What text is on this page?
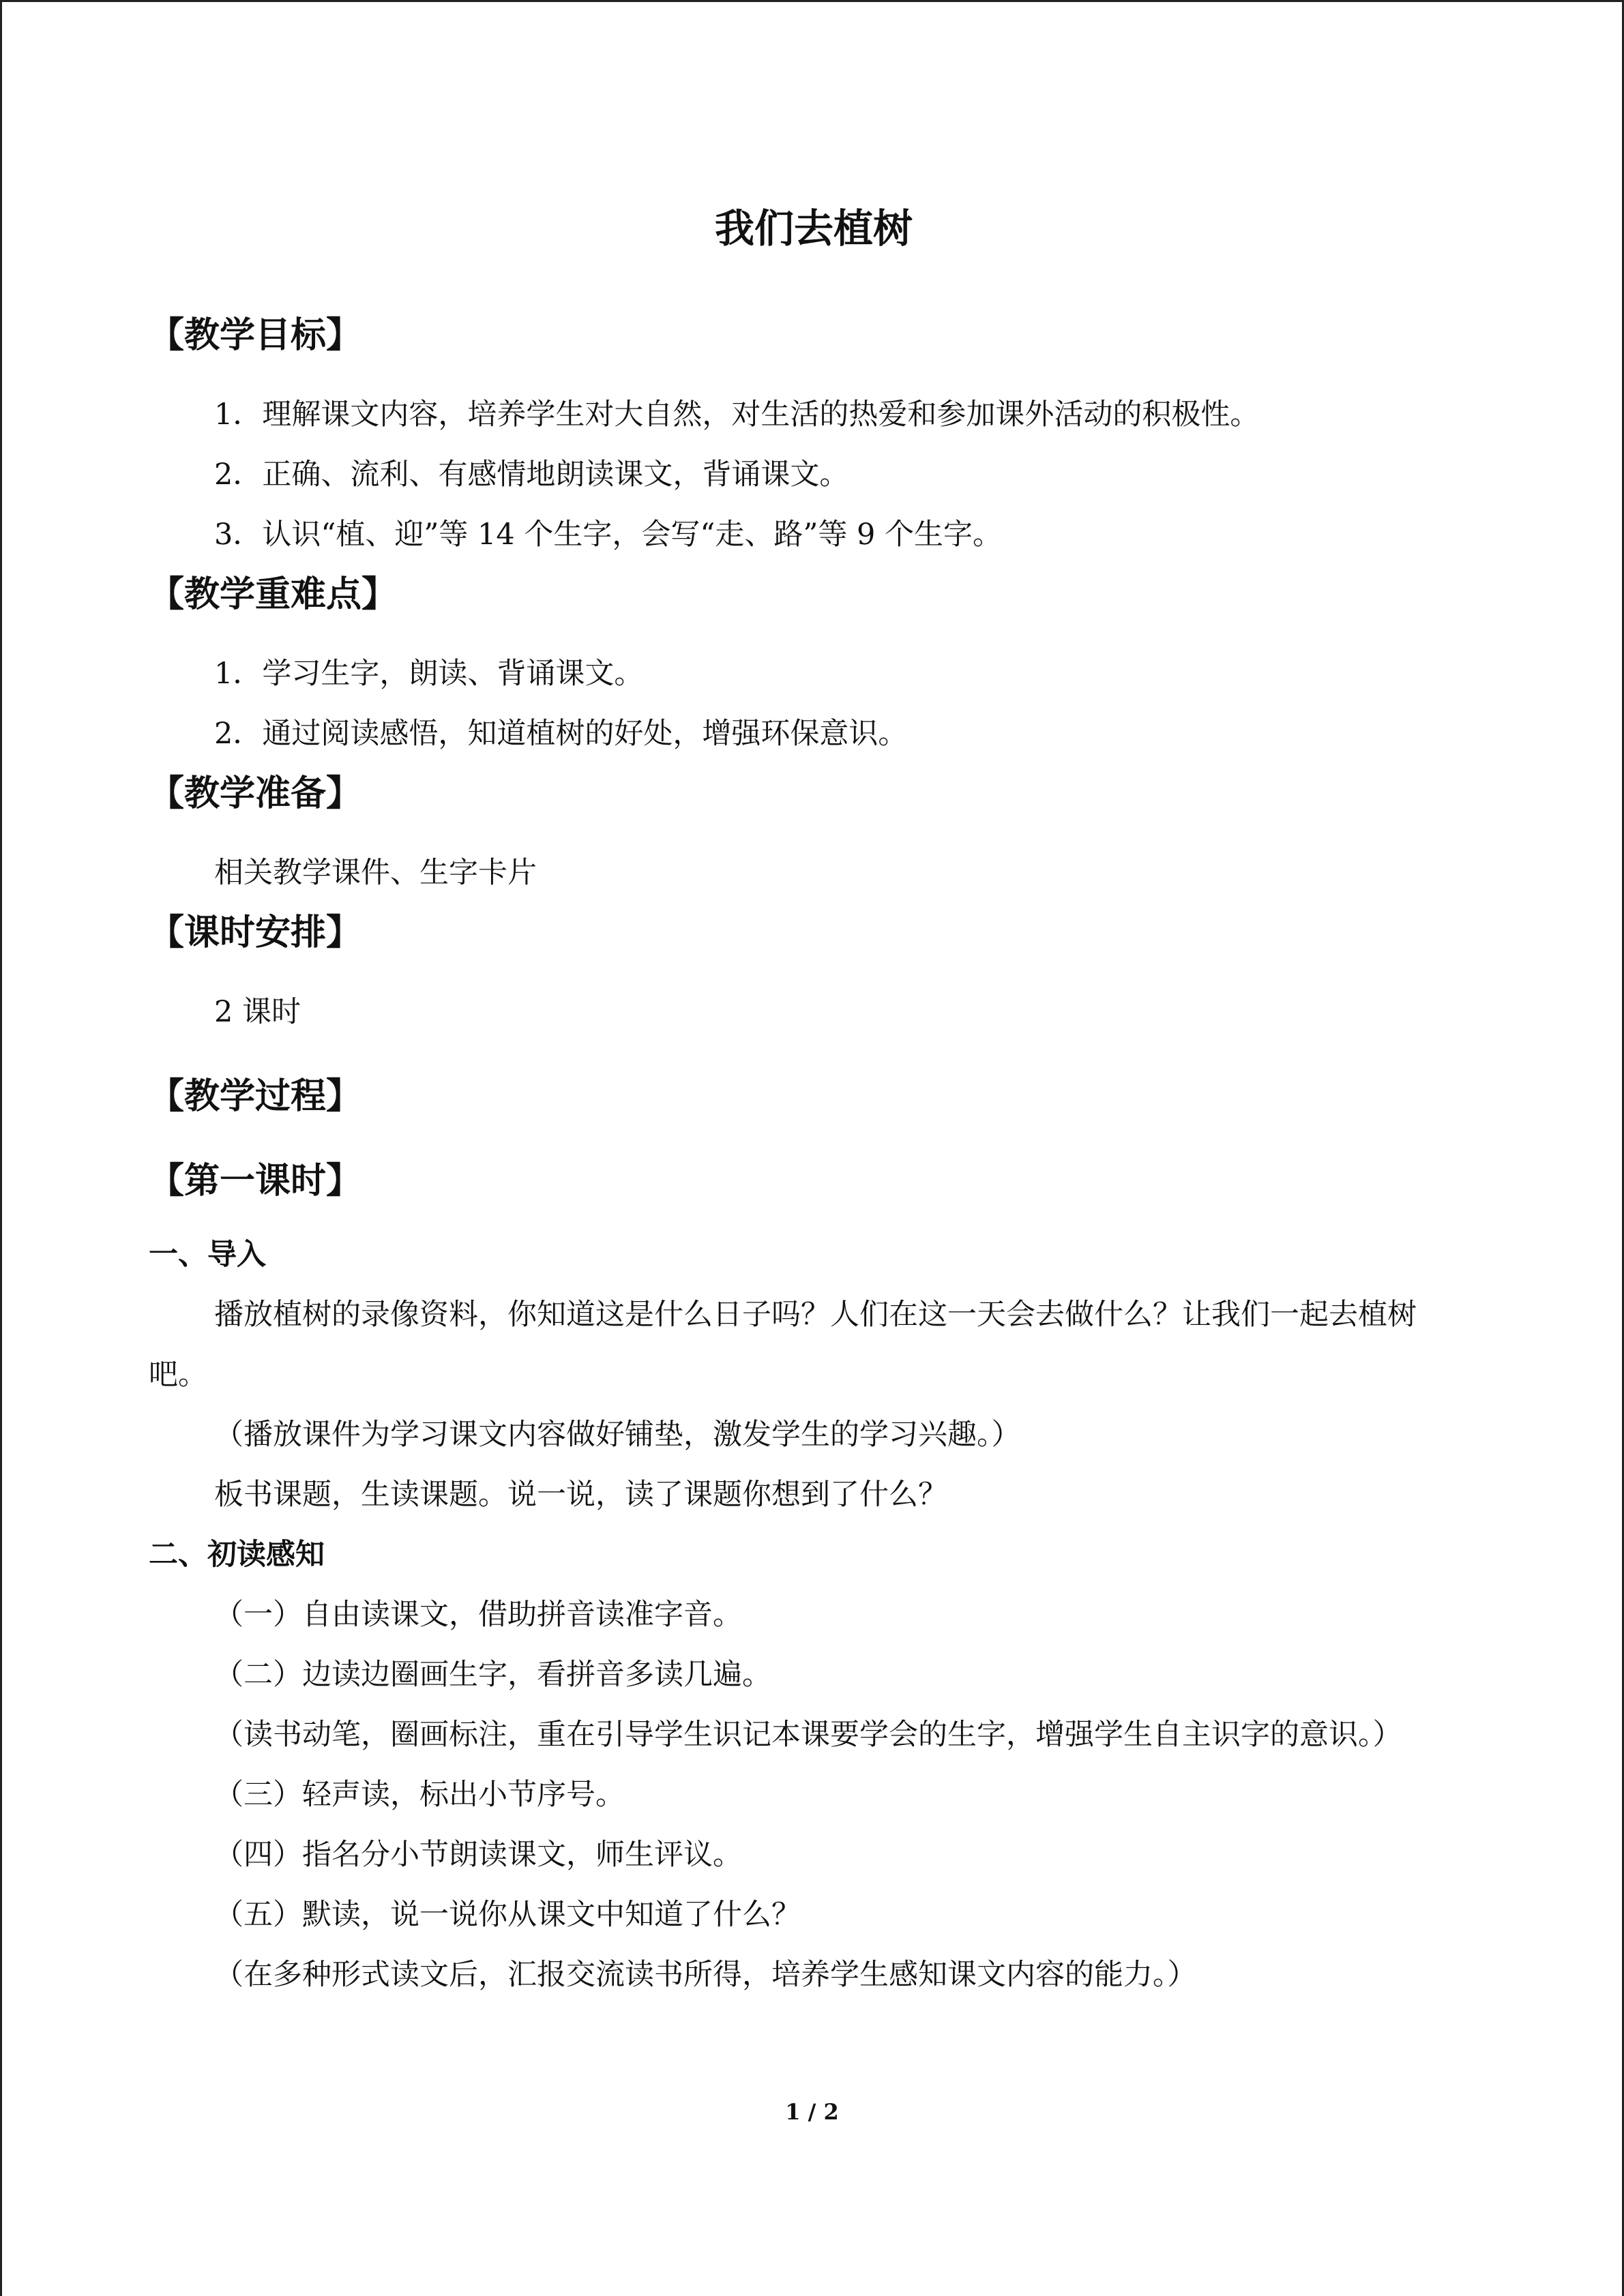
我们去植树
【教学目标】
1．理解课文内容，培养学生对大自然，对生活的热爱和参加课外活动的积极性。
2．正确、流利、有感情地朗读课文，背诵课文。
3．认识“植、迎”等 14 个生字，会写“走、路”等 9 个生字。
【教学重难点】
1．学习生字，朗读、背诵课文。
2．通过阅读感悟，知道植树的好处，增强环保意识。
【教学准备】
相关教学课件、生字卡片
【课时安排】
2 课时
【教学过程】
【第一课时】
一、导入
播放植树的录像资料，你知道这是什么日子吗？人们在这一天会去做什么？让我们一起去植树吧。
（播放课件为学习课文内容做好铺垫，激发学生的学习兴趣。）
板书课题，生读课题。说一说，读了课题你想到了什么？
二、初读感知
（一）自由读课文，借助拼音读准字音。
（二）边读边圈画生字，看拼音多读几遍。
（读书动笔，圈画标注，重在引导学生识记本课要学会的生字，增强学生自主识字的意识。）
（三）轻声读，标出小节序号。
（四）指名分小节朗读课文，师生评议。
（五）默读，说一说你从课文中知道了什么？
（在多种形式读文后，汇报交流读书所得，培养学生感知课文内容的能力。）
1 / 2
